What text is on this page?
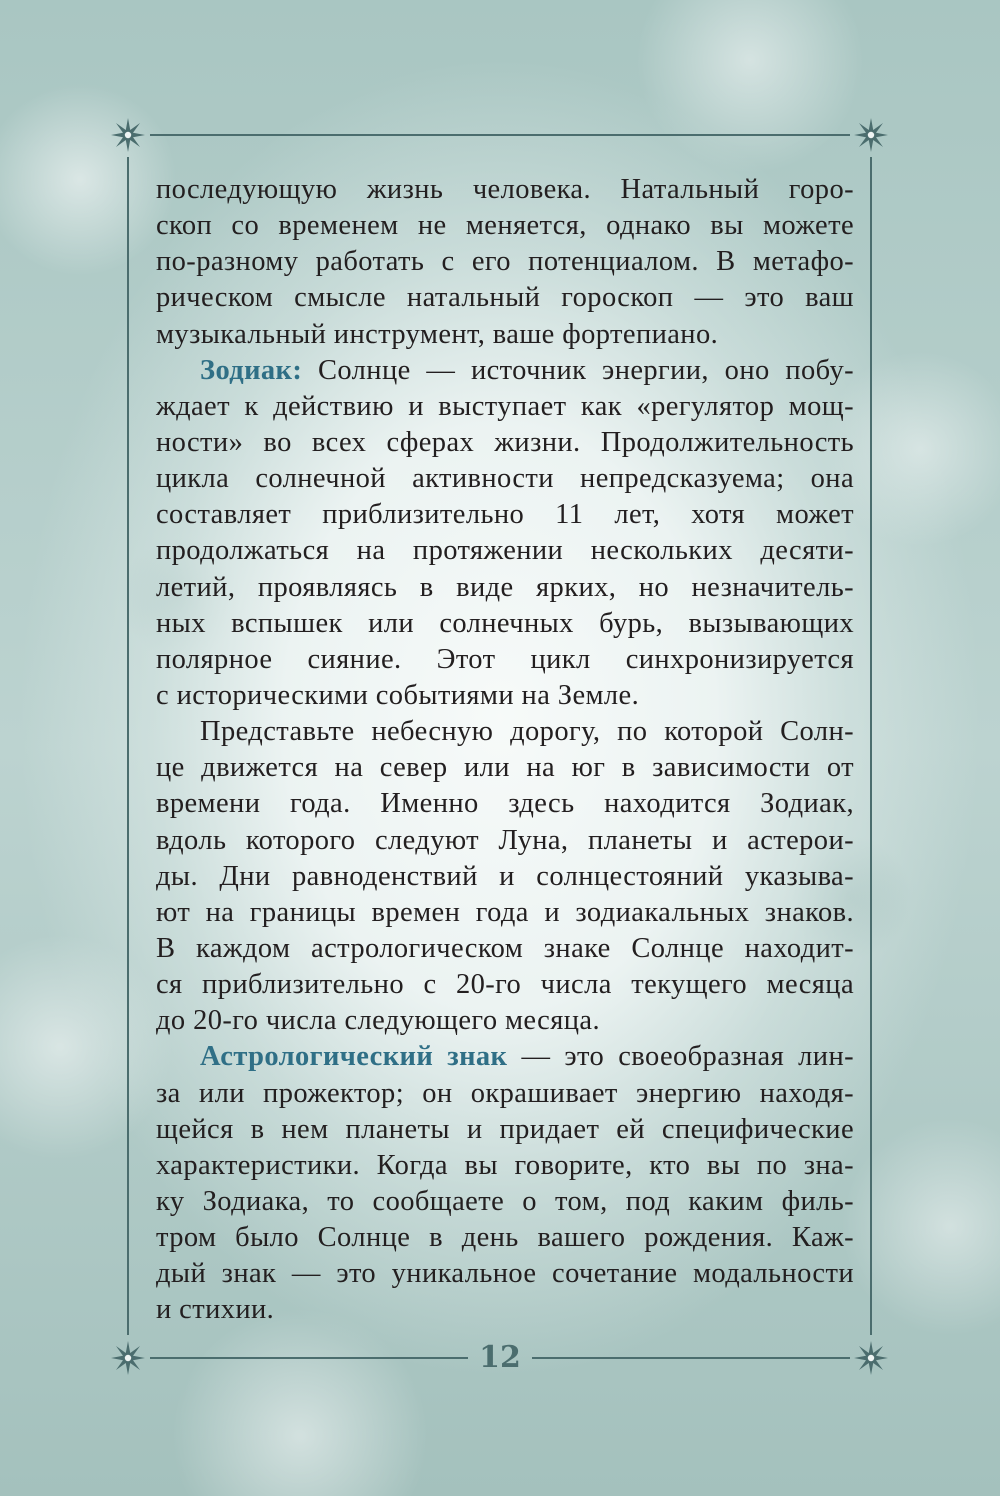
последующую жизнь человека. Натальный горо-
скоп со временем не меняется, однако вы можете
по-разному работать с его потенциалом. В метафо-
рическом смысле натальный гороскоп — это ваш
музыкальный инструмент, ваше фортепиано.
Зодиак: Солнце — источник энергии, оно побу-
ждает к действию и выступает как «регулятор мощ-
ности» во всех сферах жизни. Продолжительность
цикла солнечной активности непредсказуема; она
составляет приблизительно 11 лет, хотя может
продолжаться на протяжении нескольких десяти-
летий, проявляясь в виде ярких, но незначитель-
ных вспышек или солнечных бурь, вызывающих
полярное сияние. Этот цикл синхронизируется
с историческими событиями на Земле.
Представьте небесную дорогу, по которой Солн-
це движется на север или на юг в зависимости от
времени года. Именно здесь находится Зодиак,
вдоль которого следуют Луна, планеты и астерои-
ды. Дни равноденствий и солнцестояний указыва-
ют на границы времен года и зодиакальных знаков.
В каждом астрологическом знаке Солнце находит-
ся приблизительно с 20-го числа текущего месяца
до 20-го числа следующего месяца.
Астрологический знак — это своеобразная лин-
за или прожектор; он окрашивает энергию находя-
щейся в нем планеты и придает ей специфические
характеристики. Когда вы говорите, кто вы по зна-
ку Зодиака, то сообщаете о том, под каким филь-
тром было Солнце в день вашего рождения. Каж-
дый знак — это уникальное сочетание модальности
и стихии.
12
